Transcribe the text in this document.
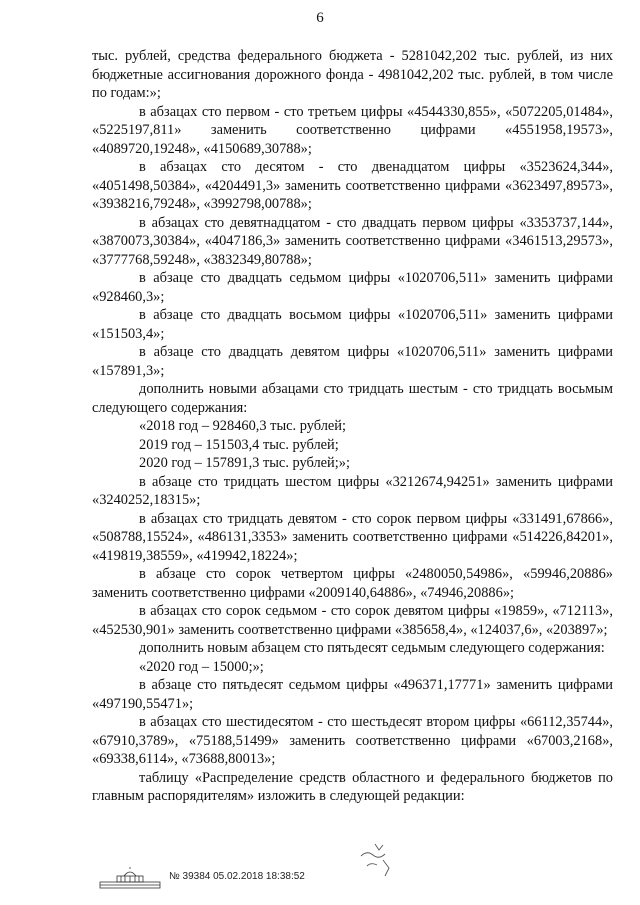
6

тыс. рублей, средства федерального бюджета - 5281042,202 тыс. рублей, из них бюджетные ассигнования дорожного фонда - 4981042,202 тыс. рублей, в том числе по годам:»;

в абзацах сто первом - сто третьем цифры «4544330,855», «5072205,01484», «5225197,811» заменить соответственно цифрами «4551958,19573», «4089720,19248», «4150689,30788»;

в абзацах сто десятом - сто двенадцатом цифры «3523624,344», «4051498,50384», «4204491,3» заменить соответственно цифрами «3623497,89573», «3938216,79248», «3992798,00788»;

в абзацах сто девятнадцатом - сто двадцать первом цифры «3353737,144», «3870073,30384», «4047186,3» заменить соответственно цифрами «3461513,29573», «3777768,59248», «3832349,80788»;

в абзаце сто двадцать седьмом цифры «1020706,511» заменить цифрами «928460,3»;

в абзаце сто двадцать восьмом цифры «1020706,511» заменить цифрами «151503,4»;

в абзаце сто двадцать девятом цифры «1020706,511» заменить цифрами «157891,3»;

дополнить новыми абзацами сто тридцать шестым - сто тридцать восьмым следующего содержания:

«2018 год – 928460,3 тыс. рублей;

2019 год – 151503,4 тыс. рублей;

2020 год – 157891,3 тыс. рублей;»;

в абзаце сто тридцать шестом цифры «3212674,94251» заменить цифрами «3240252,18315»;

в абзацах сто тридцать девятом - сто сорок первом цифры «331491,67866», «508788,15524», «486131,3353» заменить соответственно цифрами «514226,84201», «419819,38559», «419942,18224»;

в абзаце сто сорок четвертом цифры «2480050,54986», «59946,20886» заменить соответственно цифрами «2009140,64886», «74946,20886»;

в абзацах сто сорок седьмом - сто сорок девятом цифры «19859», «712113», «452530,901» заменить соответственно цифрами «385658,4», «124037,6», «203897»;

дополнить новым абзацем сто пятьдесят седьмым следующего содержания:

«2020 год – 15000;»;

в абзаце сто пятьдесят седьмом цифры «496371,17771» заменить цифрами «497190,55471»;

в абзацах сто шестидесятом - сто шестьдесят втором цифры «66112,35744», «67910,3789», «75188,51499» заменить соответственно цифрами «67003,2168», «69338,6114», «73688,80013»;

таблицу «Распределение средств областного и федерального бюджетов по главным распорядителям» изложить в следующей редакции:

№ 39384 05.02.2018 18:38:52
